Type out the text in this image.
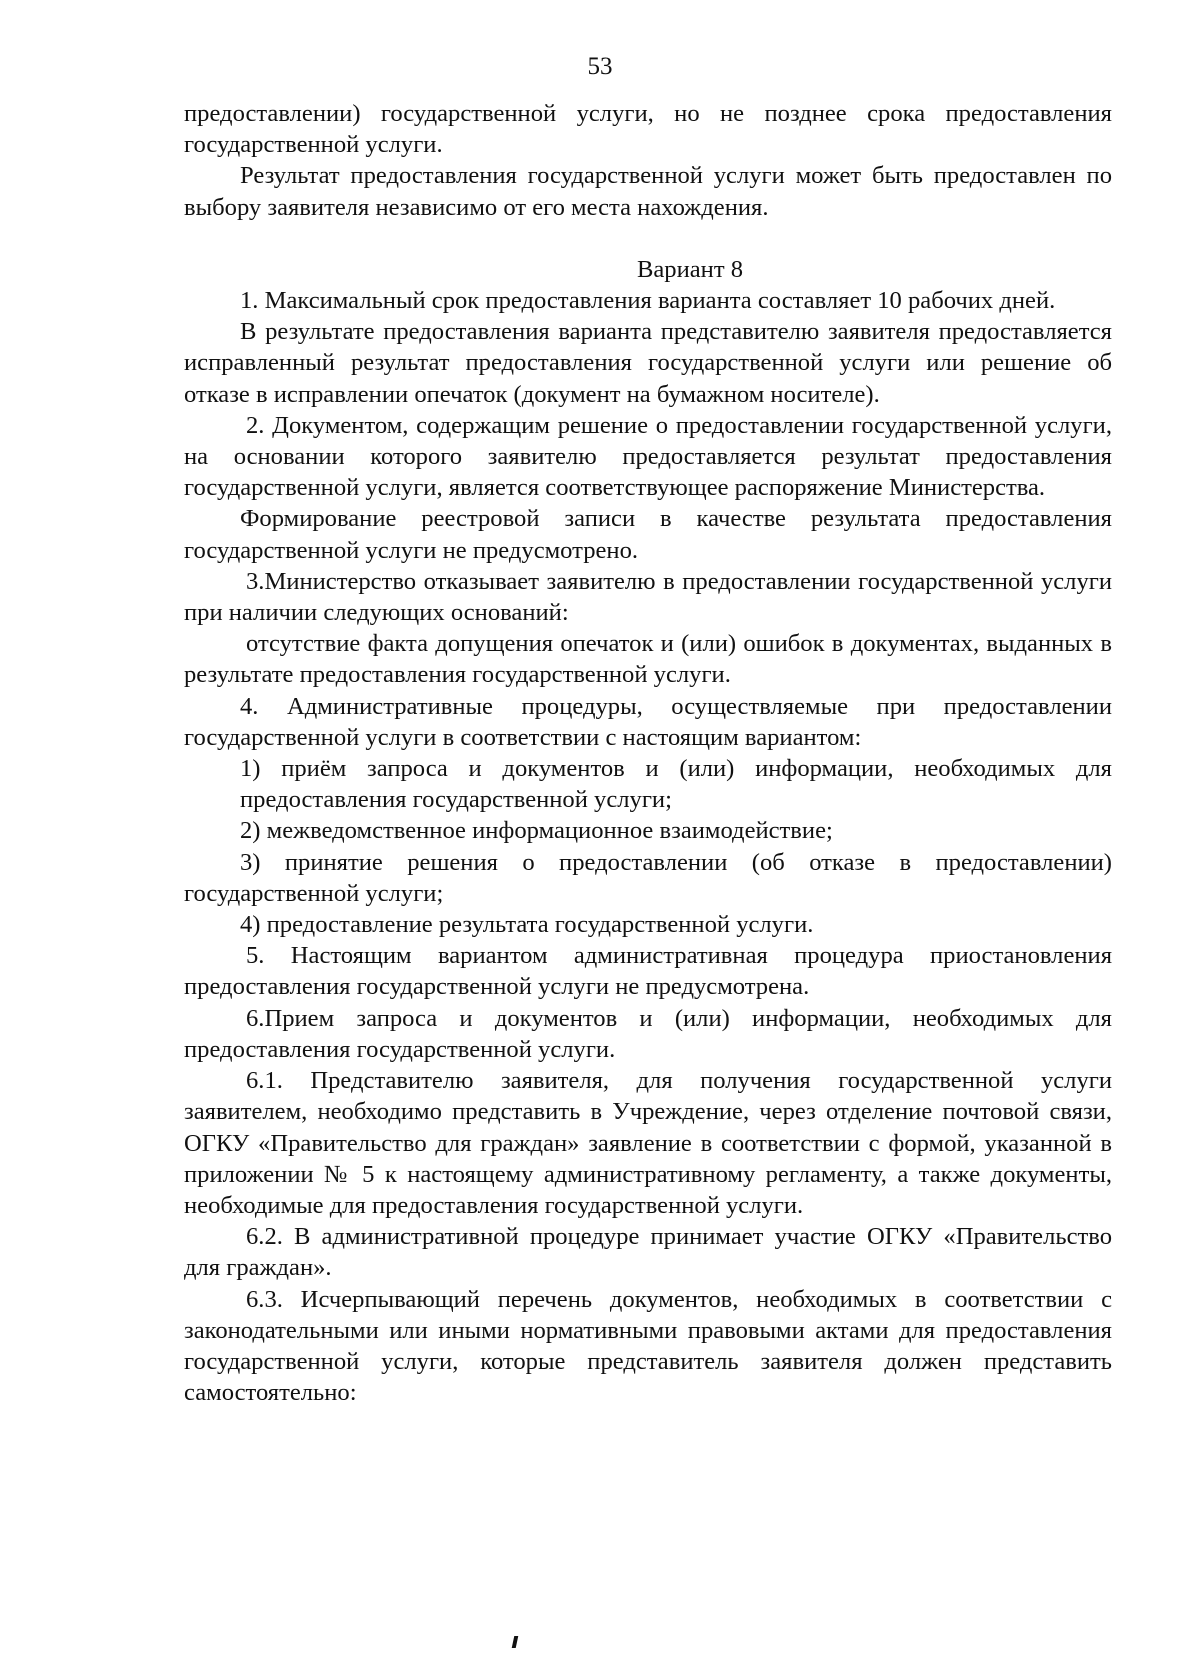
53

предоставлении) государственной услуги, но не позднее срока предоставления государственной услуги.

Результат предоставления государственной услуги может быть предоставлен по выбору заявителя независимо от его места нахождения.

Вариант 8

1. Максимальный срок предоставления варианта составляет 10 рабочих дней.

В результате предоставления варианта представителю заявителя предоставляется исправленный результат предоставления государственной услуги или решение об отказе в исправлении опечаток (документ на бумажном носителе).

2. Документом, содержащим решение о предоставлении государственной услуги, на основании которого заявителю предоставляется результат предоставления государственной услуги, является соответствующее распоряжение Министерства.

Формирование реестровой записи в качестве результата предоставления государственной услуги не предусмотрено.

3.Министерство отказывает заявителю в предоставлении государственной услуги при наличии следующих оснований:

отсутствие факта допущения опечаток и (или) ошибок в документах, выданных в результате предоставления государственной услуги.

4. Административные процедуры, осуществляемые при предоставлении государственной услуги в соответствии с настоящим вариантом:

1) приём запроса и документов и (или) информации, необходимых для предоставления государственной услуги;

2) межведомственное информационное взаимодействие;

3) принятие решения о предоставлении (об отказе в предоставлении) государственной услуги;

4) предоставление результата государственной услуги.

5. Настоящим вариантом административная процедура приостановления предоставления государственной услуги не предусмотрена.

6.Прием запроса и документов и (или) информации, необходимых для предоставления государственной услуги.

6.1. Представителю заявителя, для получения государственной услуги заявителем, необходимо представить в Учреждение, через отделение почтовой связи, ОГКУ «Правительство для граждан» заявление в соответствии с формой, указанной в приложении № 5 к настоящему административному регламенту, а также документы, необходимые для предоставления государственной услуги.

6.2. В административной процедуре принимает участие ОГКУ «Правительство для граждан».

6.3. Исчерпывающий перечень документов, необходимых в соответствии с законодательными или иными нормативными правовыми актами для предоставления государственной услуги, которые представитель заявителя должен представить самостоятельно:
